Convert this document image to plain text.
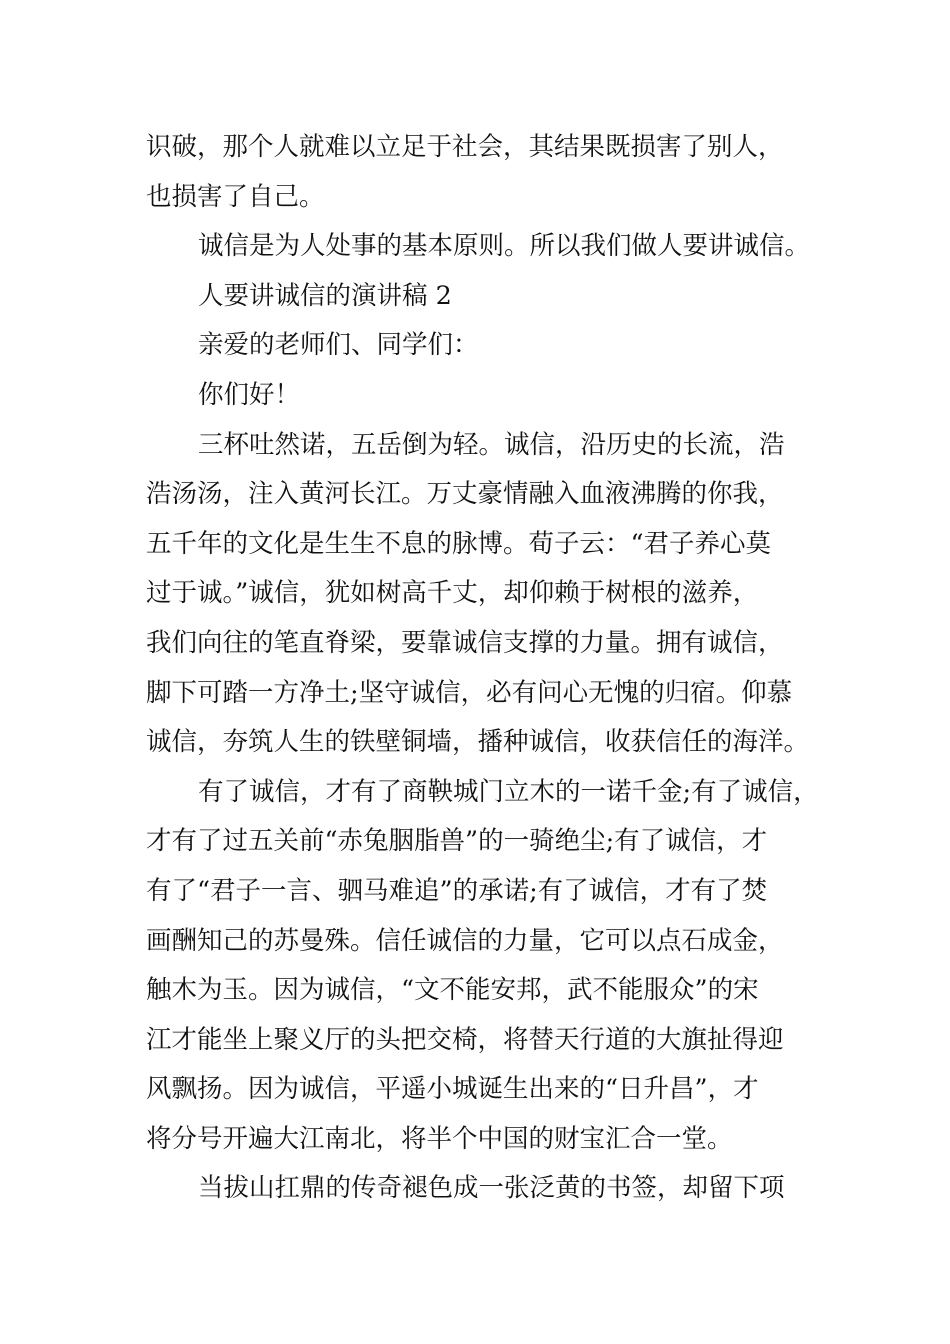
识破，那个人就难以立足于社会，其结果既损害了别人，
也损害了自己。
诚信是为人处事的基本原则。所以我们做人要讲诚信。
人要讲诚信的演讲稿 2
亲爱的老师们、同学们：
你们好！
三杯吐然诺，五岳倒为轻。诚信，沿历史的长流，浩
浩汤汤，注入黄河长江。万丈豪情融入血液沸腾的你我，
五千年的文化是生生不息的脉博。荀子云：“君子养心莫
过于诚。”诚信，犹如树高千丈，却仰赖于树根的滋养，
我们向往的笔直脊梁，要靠诚信支撑的力量。拥有诚信，
脚下可踏一方净土;坚守诚信，必有问心无愧的归宿。仰慕
诚信，夯筑人生的铁壁铜墙，播种诚信，收获信任的海洋。
有了诚信，才有了商鞅城门立木的一诺千金;有了诚信，
才有了过五关前“赤兔胭脂兽”的一骑绝尘;有了诚信，才
有了“君子一言、驷马难追”的承诺;有了诚信，才有了焚
画酬知己的苏曼殊。信任诚信的力量，它可以点石成金，
触木为玉。因为诚信，“文不能安邦，武不能服众”的宋
江才能坐上聚义厅的头把交椅，将替天行道的大旗扯得迎
风飘扬。因为诚信，平遥小城诞生出来的“日升昌”，才
将分号开遍大江南北，将半个中国的财宝汇合一堂。
当拔山扛鼎的传奇褪色成一张泛黄的书签，却留下项
